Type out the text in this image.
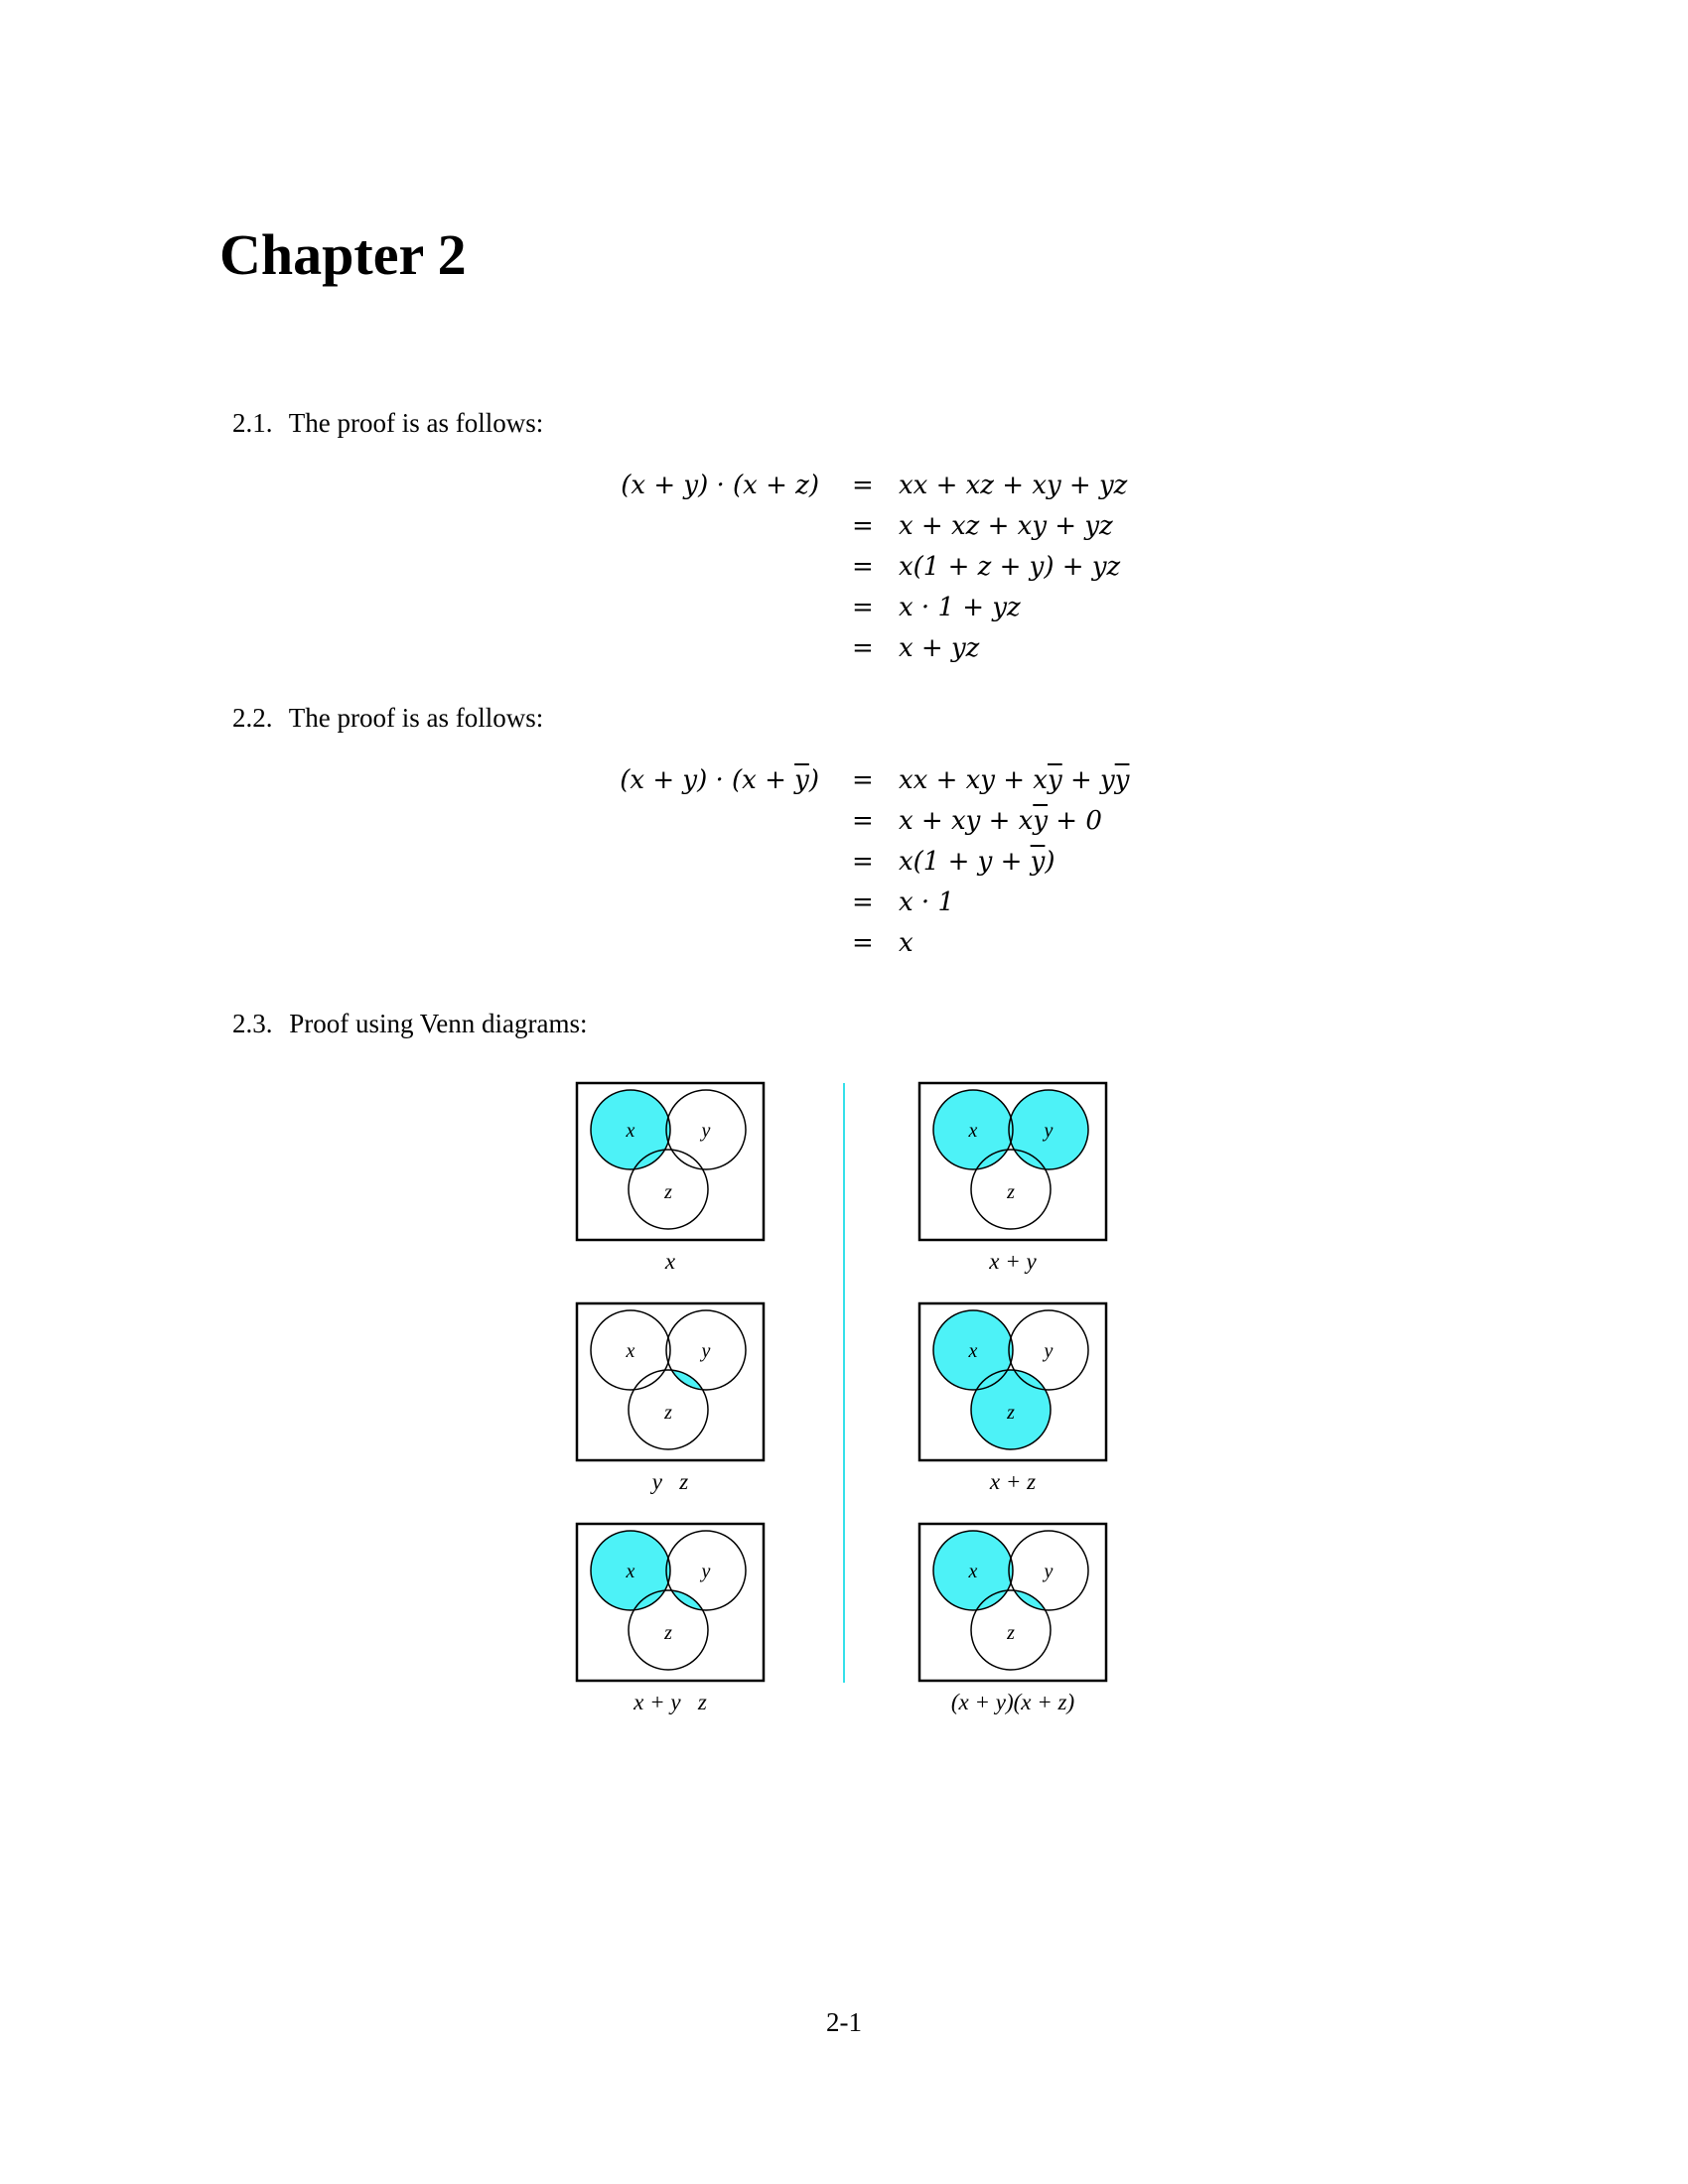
Chapter 2
2.1. The proof is as follows:
(x + y) · (x + z) = xx + xz + xy + yz
= x + xz + xy + yz
= x(1 + z + y) + yz
= x · 1 + yz
= x + yz
2.2. The proof is as follows:
$(x + y) \cdot (x + \overline{y})$ = xx + xy + $x\overline{y} + y\overline{y}$
= x + xy + $x\overline{y} + 0$
= $x(1 + y + \overline{y})$
= x · 1
= x
2.3. Proof using Venn diagrams:
x	y
z
x
x	y
z
x + y
x	y
z
y   z
x	y
z
x + z
x	y
z
x + y   z
x	y
z
(x + y)(x + z)
2-1
